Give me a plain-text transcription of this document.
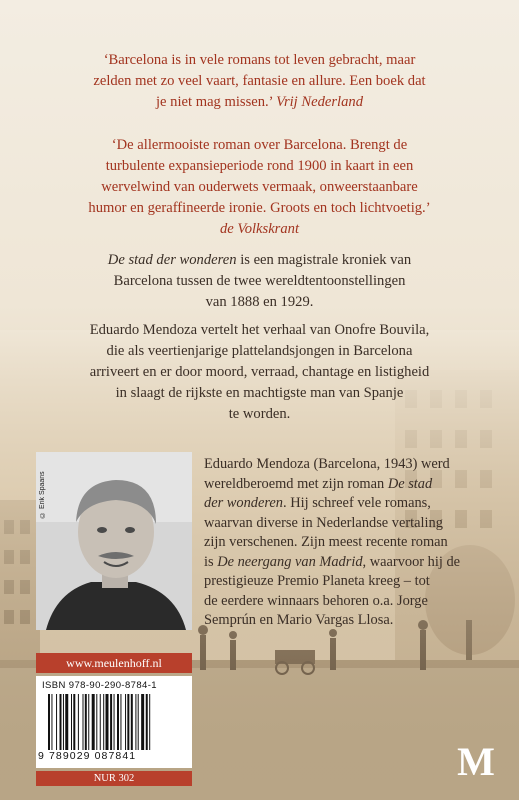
‘Barcelona is in vele romans tot leven gebracht, maar
zelden met zo veel vaart, fantasie en allure. Een boek dat
je niet mag missen.’ Vrij Nederland
‘De allermooiste roman over Barcelona. Brengt de
turbulente expansieperiode rond 1900 in kaart in een
wervelwind van ouderwets vermaak, onweerstaanbare
humor en geraffineerde ironie. Groots en toch lichtvoetig.’
de Volkskrant
De stad der wonderen is een magistrale kroniek van
Barcelona tussen de twee wereldtentoonstellingen
van 1888 en 1929.
Eduardo Mendoza vertelt het verhaal van Onofre Bouvila,
die als veertienjarige plattelandsjongen in Barcelona
arriveert en er door moord, verraad, chantage en listigheid
in slaagt de rijkste en machtigste man van Spanje
te worden.
© Erik Spaans
Eduardo Mendoza (Barcelona, 1943) werd
wereldberoemd met zijn roman De stad
der wonderen. Hij schreef vele romans,
waarvan diverse in Nederlandse vertaling
zijn verschenen. Zijn meest recente roman
is De neergang van Madrid, waarvoor hij de
prestigieuze Premio Planeta kreeg – tot
de eerdere winnaars behoren o.a. Jorge
Semprún en Mario Vargas Llosa.
www.meulenhoff.nl
ISBN 978-90-290-8784-1
9 789029 087841
NUR 302	M
